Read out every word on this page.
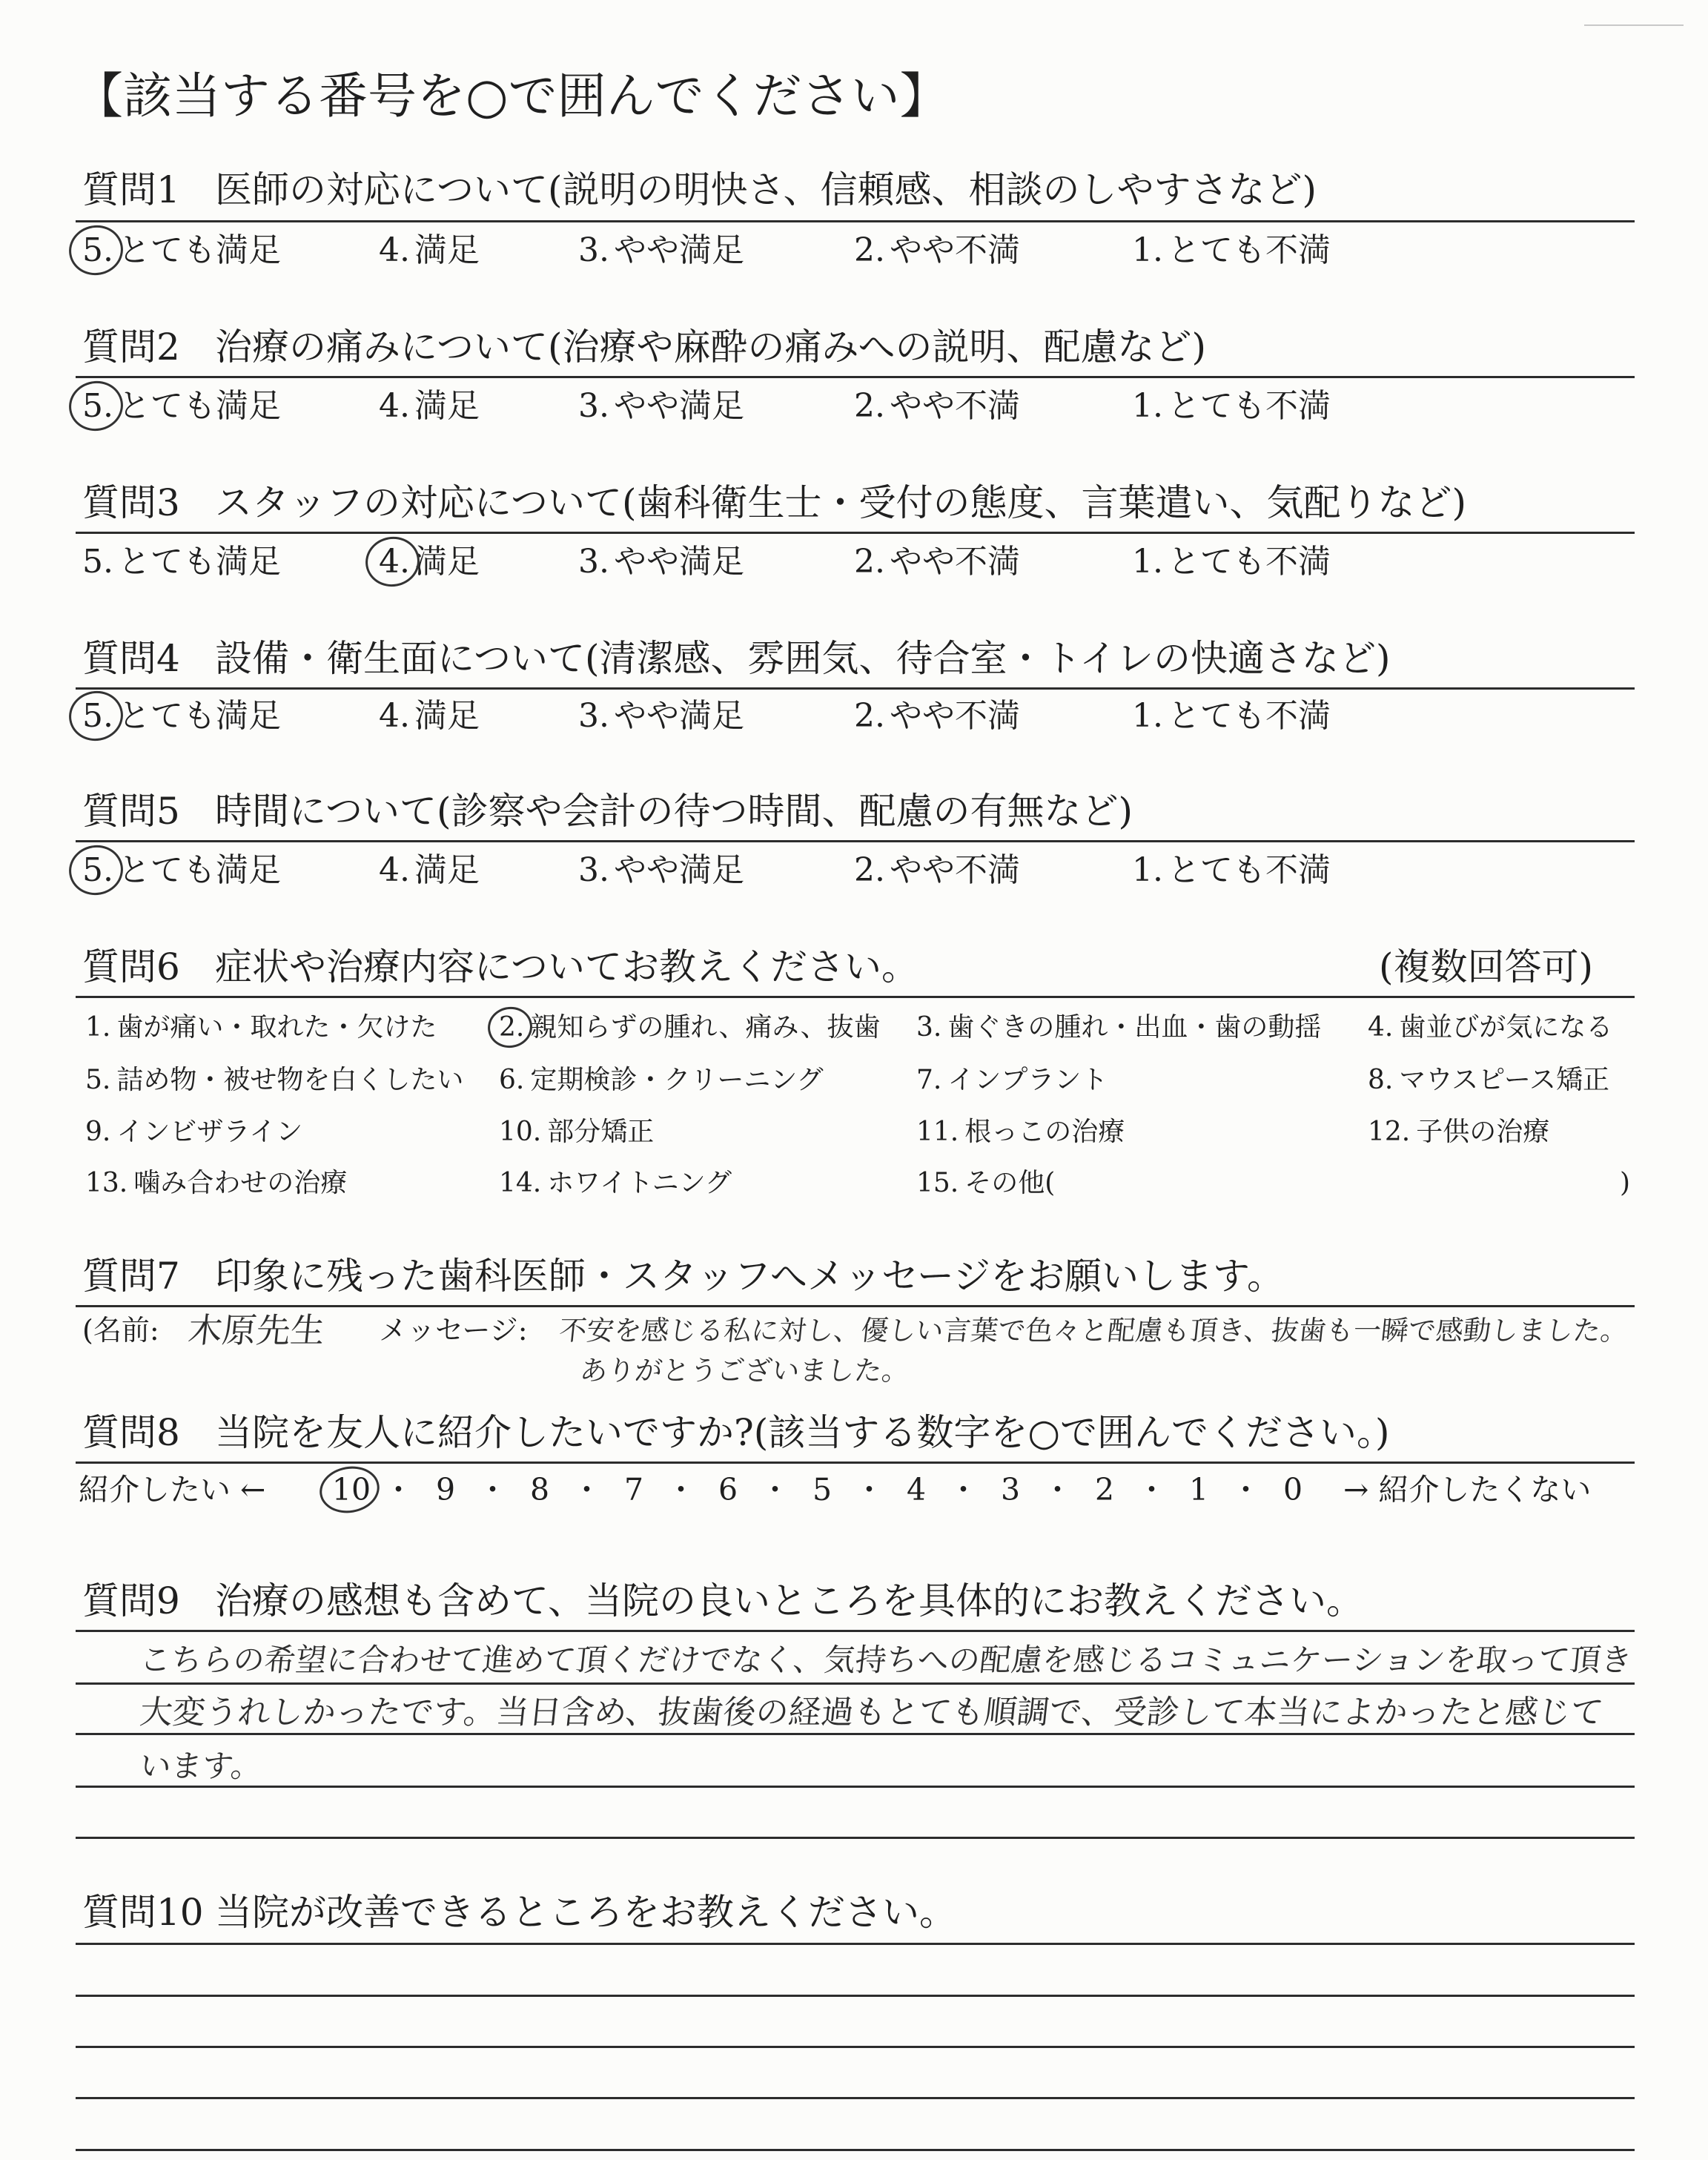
【該当する番号を○で囲んでください】
質問1 医師の対応について(説明の明快さ、信頼感、相談のしやすさなど)
5. とても満足	4. 満足	3. やや満足	2. やや不満	1. とても不満
質問2 治療の痛みについて(治療や麻酔の痛みへの説明、配慮など)
5. とても満足	4. 満足	3. やや満足	2. やや不満	1. とても不満
質問3 スタッフの対応について(歯科衛生士・受付の態度、言葉遣い、気配りなど)
5. とても満足	4. 満足	3. やや満足	2. やや不満	1. とても不満
質問4 設備・衛生面について(清潔感、雰囲気、待合室・トイレの快適さなど)
5. とても満足	4. 満足	3. やや満足	2. やや不満	1. とても不満
質問5 時間について(診察や会計の待つ時間、配慮の有無など)
5. とても満足	4. 満足	3. やや満足	2. やや不満	1. とても不満
質問6 症状や治療内容についてお教えください。	(複数回答可)
1. 歯が痛い・取れた・欠けた 2. 親知らずの腫れ、痛み、抜歯 3. 歯ぐきの腫れ・出血・歯の動揺 4. 歯並びが気になる
5. 詰め物・被せ物を白くしたい 6. 定期検診・クリーニング	7. インプラント	8. マウスピース矯正
9. インビザライン	10. 部分矯正	11. 根っこの治療	12. 子供の治療
13. 噛み合わせの治療	14. ホワイトニング	15. その他(	)
質問7 印象に残った歯科医師・スタッフへメッセージをお願いします。
(名前: 木原先生 メッセージ: 不安を感じる私に対し、優しい言葉で色々と配慮も頂き、抜歯も一瞬で感動しました。
ありがとうございました。
質問8 当院を友人に紹介したいですか?(該当する数字を○で囲んでください。)
紹介したい ← 10 ・ 9 ・ 8 ・ 7 ・ 6 ・ 5 ・ 4 ・ 3 ・ 2 ・ 1 ・ 0	→ 紹介したくない
質問9 治療の感想も含めて、当院の良いところを具体的にお教えください。
こちらの希望に合わせて進めて頂くだけでなく、気持ちへの配慮を感じるコミュニケーションを取って頂き
大変うれしかったです。当日含め、抜歯後の経過もとても順調で、受診して本当によかったと感じて
います。
質問10 当院が改善できるところをお教えください。
